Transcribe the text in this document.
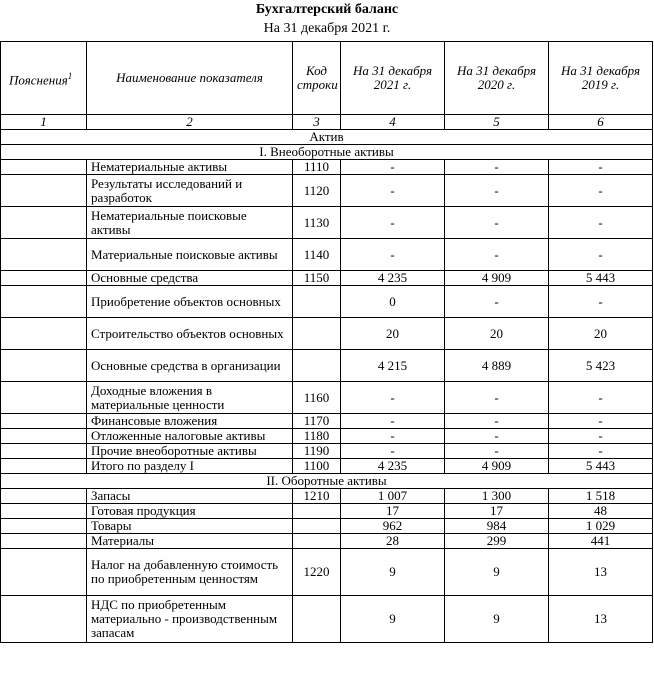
Бухгалтерский баланс
На 31 декабря 2021 г.
Пояснения$^1$	Наименование показателя	Код строки	На 31 декабря 2021 г.	На 31 декабря 2020 г.	На 31 декабря 2019 г.
1	2	3	4	5	6
Актив					
I. Внеоборотные активы					
	Нематериальные активы	1110	-	-	-
	Результаты исследований и разработок	1120	-	-	-
	Нематериальные поисковые активы	1130	-	-	-
	Материальные поисковые активы	1140	-	-	-
	Основные средства	1150	4 235	4 909	5 443
	Приобретение объектов основных		0	-	-
	Строительство объектов основных		20	20	20
	Основные средства в организации		4 215	4 889	5 423
	Доходные вложения в материальные ценности	1160	-	-	-
	Финансовые вложения	1170	-	-	-
	Отложенные налоговые активы	1180	-	-	-
	Прочие внеоборотные активы	1190	-	-	-
	Итого по разделу I	1100	4 235	4 909	5 443
II. Оборотные активы					
	Запасы	1210	1 007	1 300	1 518
	Готовая продукция		17	17	48
	Товары		962	984	1 029
	Материалы		28	299	441
	Налог на добавленную стоимость по приобретенным ценностям	1220	9	9	13
	НДС по приобретенным материально - производственным запасам		9	9	13
